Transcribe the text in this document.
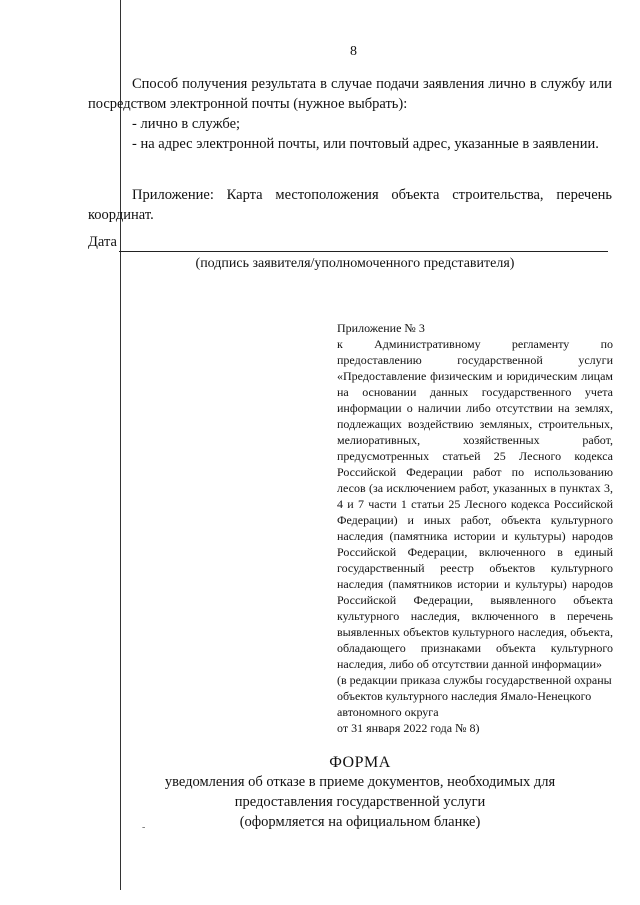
8
Способ получения результата в случае подачи заявления лично в службу или посредством электронной почты (нужное выбрать):
- лично в службе;
- на адрес электронной почты, или почтовый адрес, указанные в заявлении.
Приложение: Карта местоположения объекта строительства, перечень координат.
Дата
(подпись заявителя/уполномоченного представителя)
Приложение № 3
к Административному регламенту по предоставлению государственной услуги «Предоставление физическим и юридическим лицам на основании данных государственного учета информации о наличии либо отсутствии на землях, подлежащих воздействию земляных, строительных, мелиоративных, хозяйственных работ, предусмотренных статьей 25 Лесного кодекса Российской Федерации работ по использованию лесов (за исключением работ, указанных в пунктах 3, 4 и 7 части 1 статьи 25 Лесного кодекса Российской Федерации) и иных работ, объекта культурного наследия (памятника истории и культуры) народов Российской Федерации, включенного в единый государственный реестр объектов культурного наследия (памятников истории и культуры) народов Российской Федерации, выявленного объекта культурного наследия, включенного в перечень выявленных объектов культурного наследия, объекта, обладающего признаками объекта культурного наследия, либо об отсутствии данной информации»
(в редакции приказа службы государственной охраны объектов культурного наследия Ямало-Ненецкого автономного округа
от 31 января 2022 года № 8)
ФОРМА
уведомления об отказе в приеме документов, необходимых для
предоставления государственной услуги
(оформляется на официальном бланке)
-
